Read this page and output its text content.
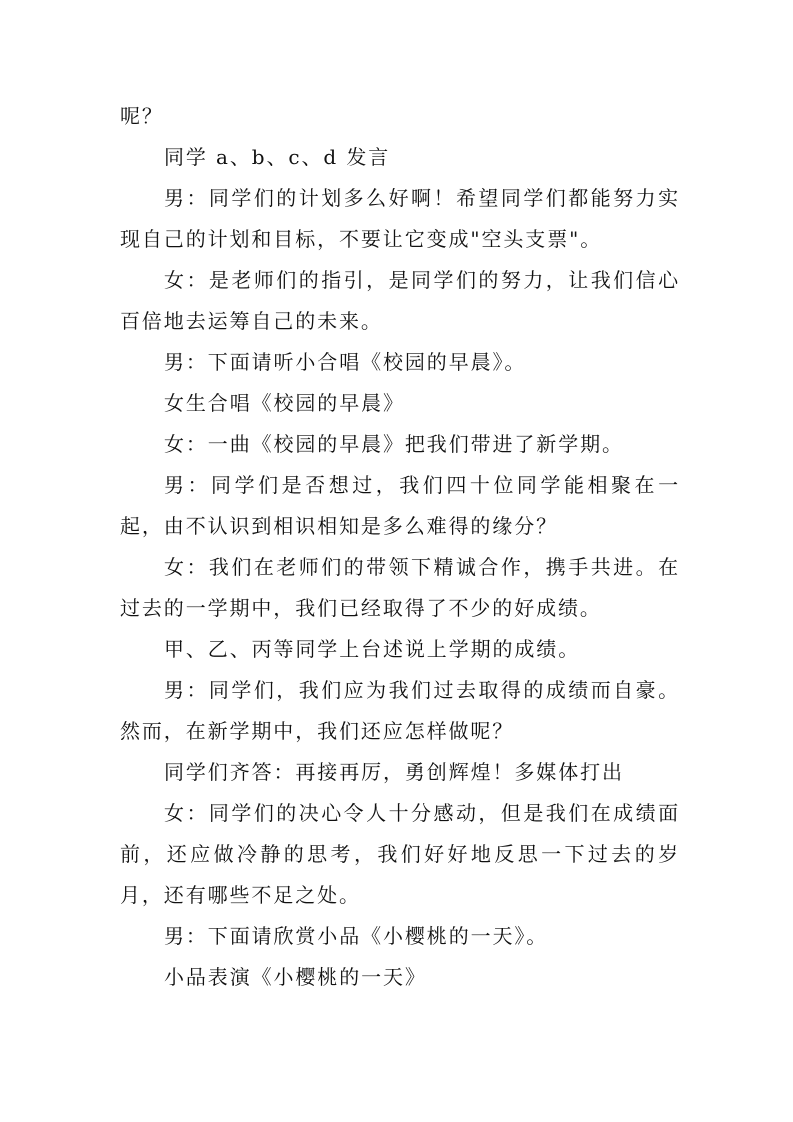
呢？

同学 a、b、c、d 发言

男：同学们的计划多么好啊！希望同学们都能努力实现自己的计划和目标，不要让它变成"空头支票"。

女：是老师们的指引，是同学们的努力，让我们信心百倍地去运筹自己的未来。

男：下面请听小合唱《校园的早晨》。

女生合唱《校园的早晨》

女：一曲《校园的早晨》把我们带进了新学期。

男：同学们是否想过，我们四十位同学能相聚在一起，由不认识到相识相知是多么难得的缘分？

女：我们在老师们的带领下精诚合作，携手共进。在过去的一学期中，我们已经取得了不少的好成绩。

甲、乙、丙等同学上台述说上学期的成绩。

男：同学们，我们应为我们过去取得的成绩而自豪。然而，在新学期中，我们还应怎样做呢？

同学们齐答：再接再厉，勇创辉煌！多媒体打出

女：同学们的决心令人十分感动，但是我们在成绩面前，还应做冷静的思考，我们好好地反思一下过去的岁月，还有哪些不足之处。

男：下面请欣赏小品《小樱桃的一天》。

小品表演《小樱桃的一天》
